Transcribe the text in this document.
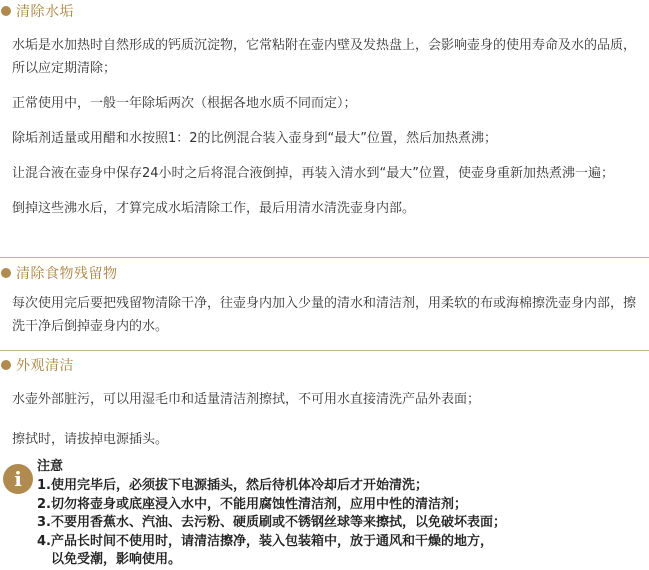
清除水垢

水垢是水加热时自然形成的钙质沉淀物，它常粘附在壶内壁及发热盘上，会影响壶身的使用寿命及水的品质，所以应定期清除；

正常使用中，一般一年除垢两次（根据各地水质不同而定）；

除垢剂适量或用醋和水按照1：2的比例混合装入壶身到“最大”位置，然后加热煮沸；

让混合液在壶身中保存24小时之后将混合液倒掉，再装入清水到“最大”位置，使壶身重新加热煮沸一遍；

倒掉这些沸水后，才算完成水垢清除工作，最后用清水清洗壶身内部。

清除食物残留物

每次使用完后要把残留物清除干净，往壶身内加入少量的清水和清洁剂，用柔软的布或海棉擦洗壶身内部，擦洗干净后倒掉壶身内的水。

外观清洁

水壶外部脏污，可以用湿毛巾和适量清洁剂擦拭，不可用水直接清洗产品外表面；

擦拭时，请拔掉电源插头。

i
注意
1.使用完毕后，必须拔下电源插头，然后待机体冷却后才开始清洗；
2.切勿将壶身或底座浸入水中，不能用腐蚀性清洁剂，应用中性的清洁剂；
3.不要用香蕉水、汽油、去污粉、硬质刷或不锈钢丝球等来擦拭，以免破坏表面；
4.产品长时间不使用时，请清洁擦净，装入包装箱中，放于通风和干燥的地方，
以免受潮，影响使用。
